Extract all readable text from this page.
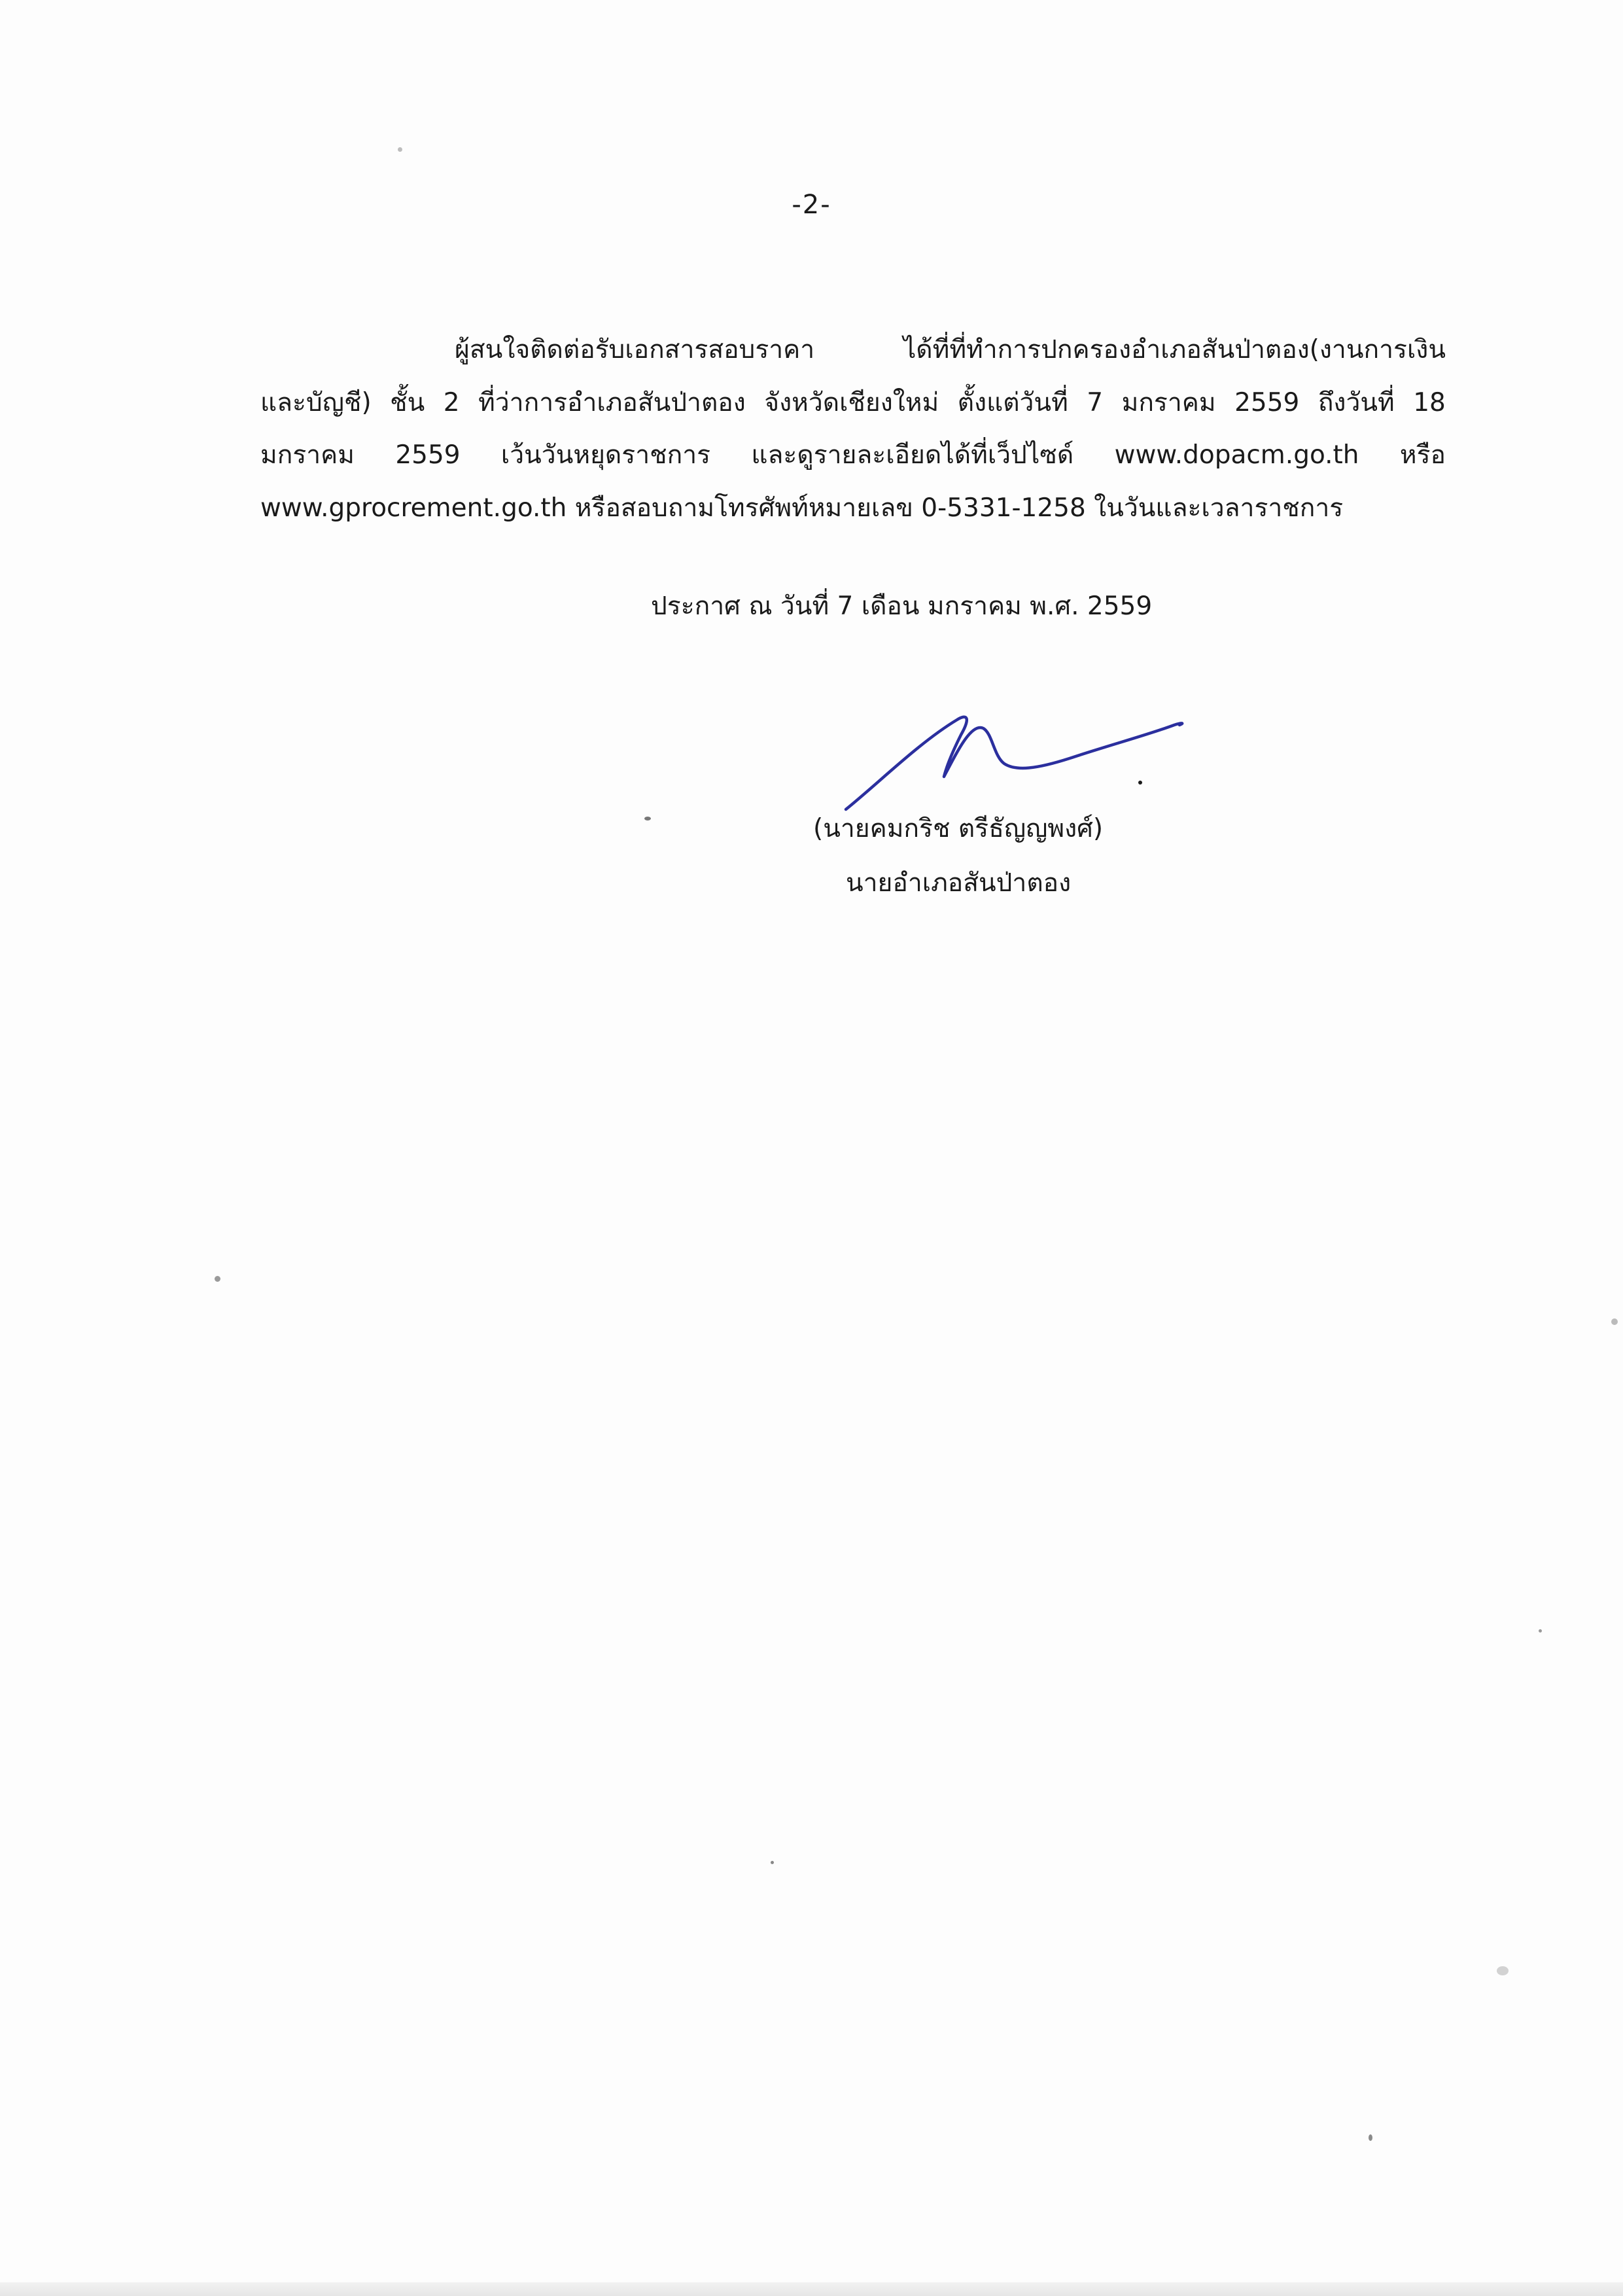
-2-
ผู้สนใจติดต่อรับเอกสารสอบราคา	ได้ที่ที่ทำการปกครองอำเภอสันป่าตอง(งานการเงิน
และบัญชี) ชั้น 2 ที่ว่าการอำเภอสันป่าตอง จังหวัดเชียงใหม่ ตั้งแต่วันที่ 7 มกราคม 2559 ถึงวันที่ 18
มกราคม 2559 เว้นวันหยุดราชการ และดูรายละเอียดได้ที่เว็ปไซด์ www.dopacm.go.th หรือ
www.gprocrement.go.th หรือสอบถามโทรศัพท์หมายเลข 0-5331-1258 ในวันและเวลาราชการ
ประกาศ ณ วันที่ 7 เดือน มกราคม พ.ศ. 2559
(นายคมกริช ตรีธัญญพงศ์)
นายอำเภอสันป่าตอง
